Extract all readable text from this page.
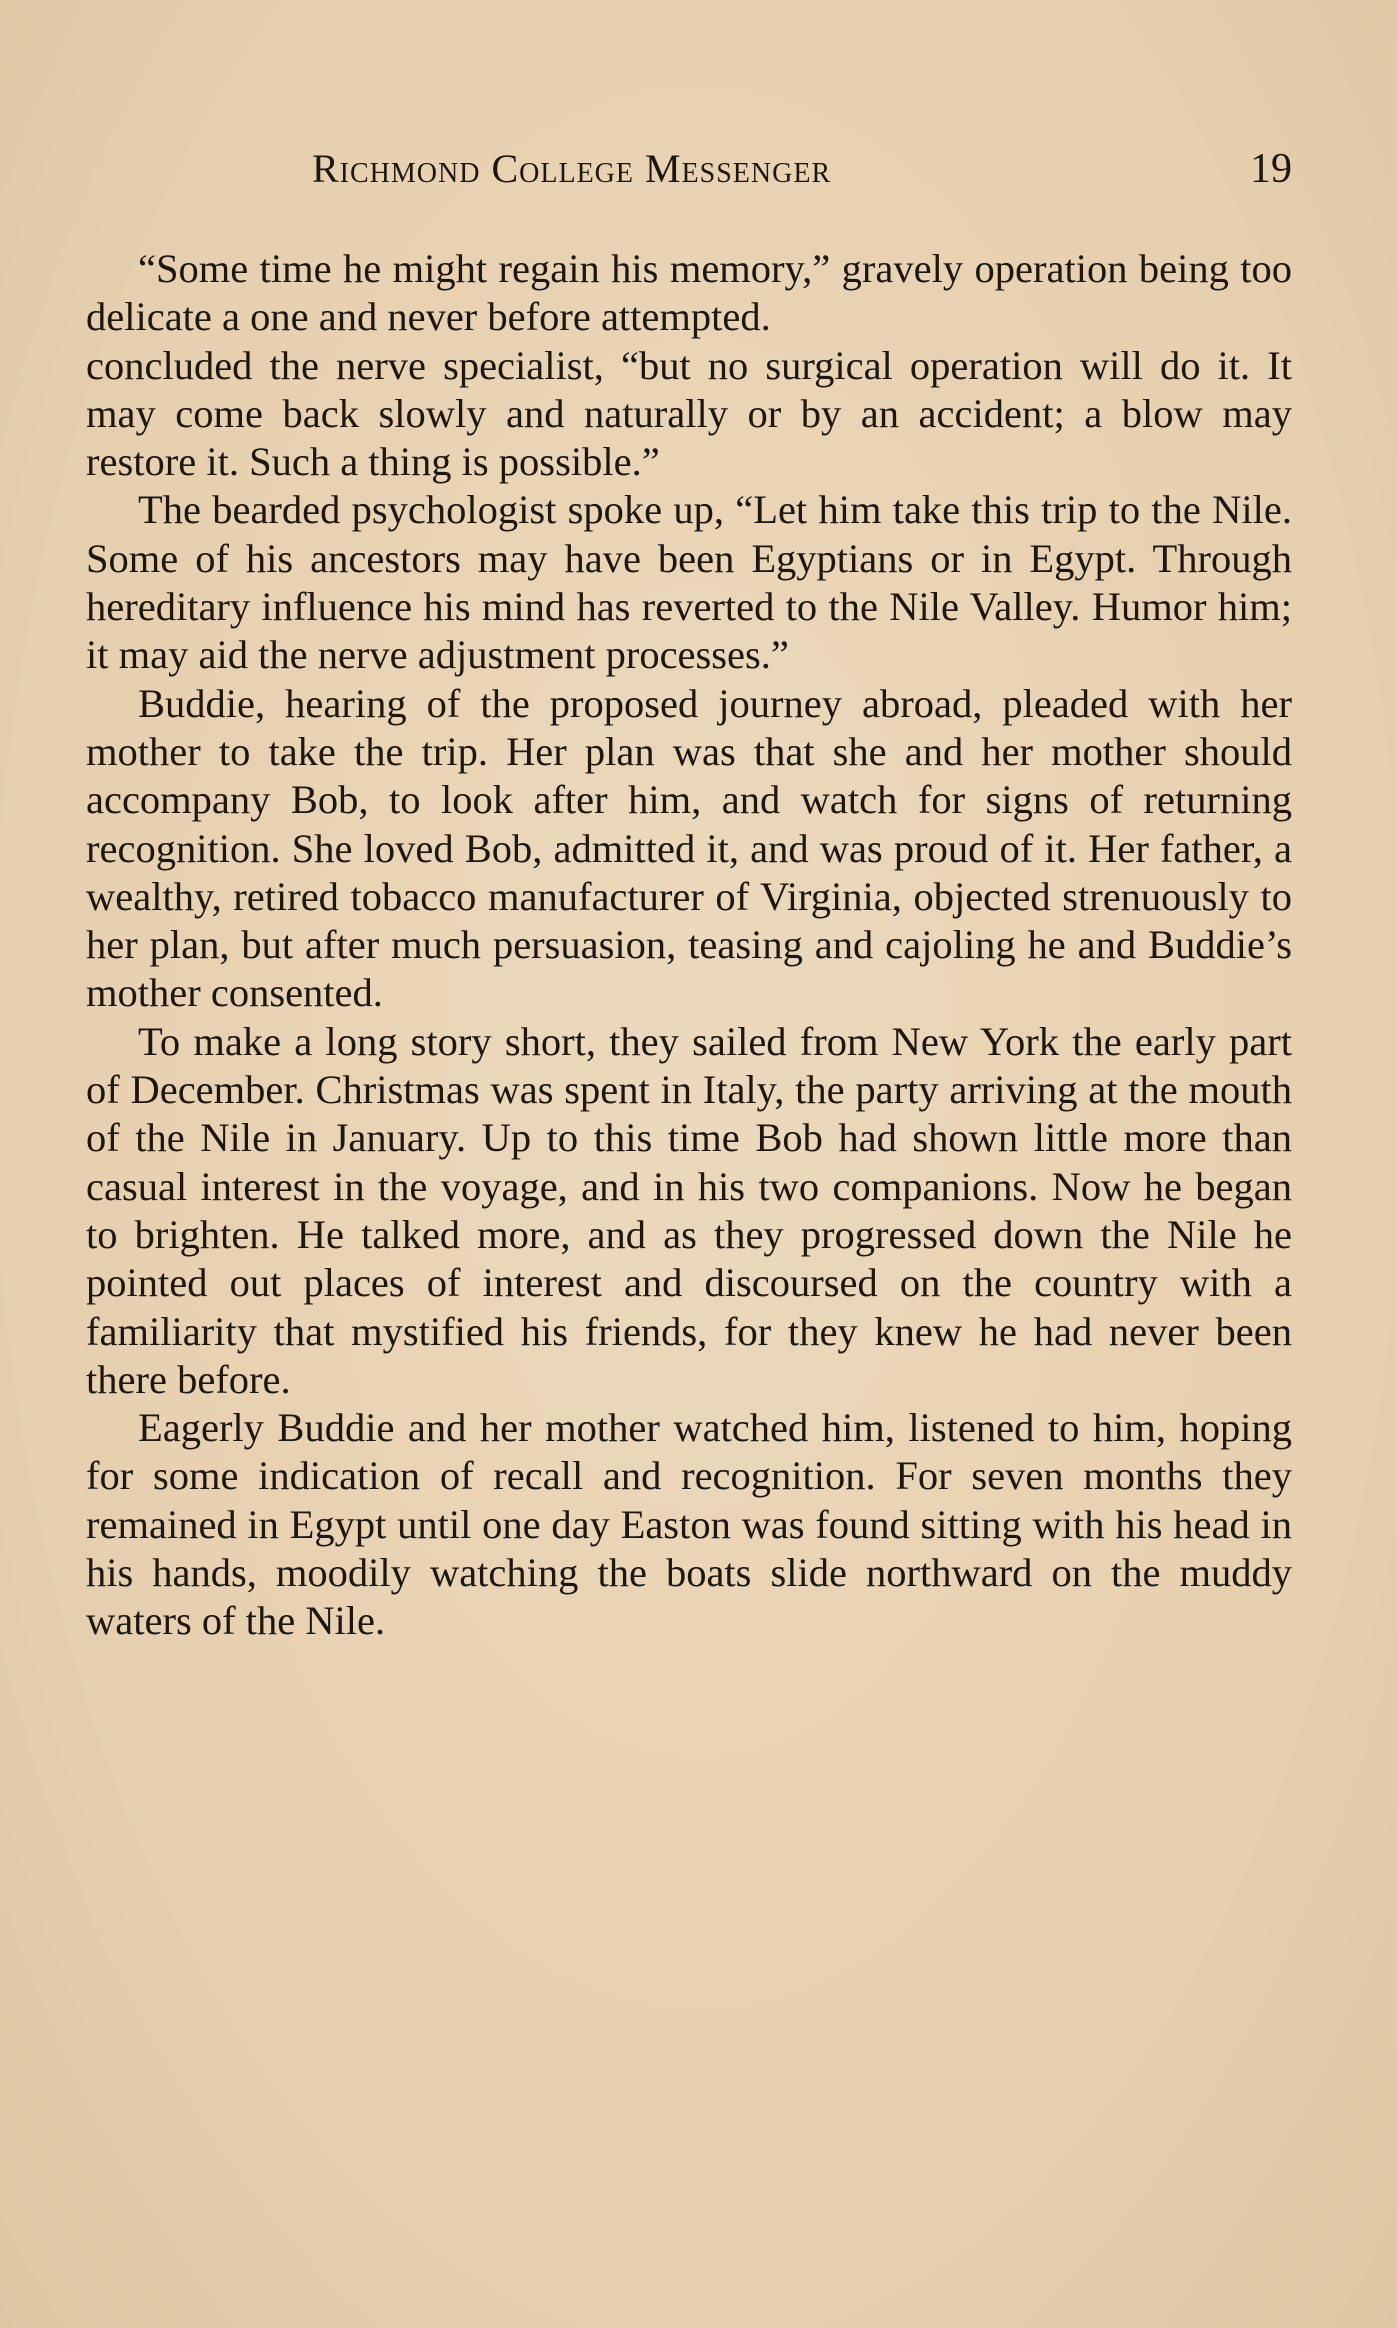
Richmond College Messenger	19

“Some time he might regain his memory,” gravely operation being too delicate a one and never before attempted.

concluded the nerve specialist, “but no surgical operation will do it. It may come back slowly and naturally or by an accident; a blow may restore it. Such a thing is possible.”

The bearded psychologist spoke up, “Let him take this trip to the Nile. Some of his ancestors may have been Egyptians or in Egypt. Through hereditary influence his mind has reverted to the Nile Valley. Humor him; it may aid the nerve adjustment processes.”

Buddie, hearing of the proposed journey abroad, pleaded with her mother to take the trip. Her plan was that she and her mother should accompany Bob, to look after him, and watch for signs of returning recognition. She loved Bob, admitted it, and was proud of it. Her father, a wealthy, retired tobacco manufacturer of Virginia, objected strenuously to her plan, but after much persuasion, teasing and cajoling he and Buddie’s mother consented.

To make a long story short, they sailed from New York the early part of December. Christmas was spent in Italy, the party arriving at the mouth of the Nile in January. Up to this time Bob had shown little more than casual interest in the voyage, and in his two companions. Now he began to brighten. He talked more, and as they progressed down the Nile he pointed out places of interest and discoursed on the country with a familiarity that mystified his friends, for they knew he had never been there before.

Eagerly Buddie and her mother watched him, listened to him, hoping for some indication of recall and recognition. For seven months they remained in Egypt until one day Easton was found sitting with his head in his hands, moodily watching the boats slide northward on the muddy waters of the Nile.
